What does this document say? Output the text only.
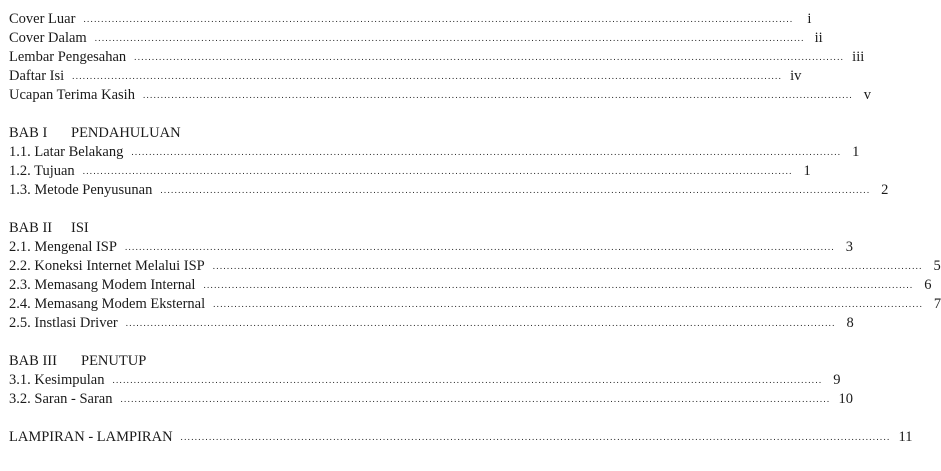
Cover Luar ........................................................................................................................................................................................................ i
Cover Dalam ........................................................................................................................................................................................................ ii
Lembar Pengesahan ........................................................................................................................................................................................................ iii
Daftar Isi ........................................................................................................................................................................................................ iv
Ucapan Terima Kasih ........................................................................................................................................................................................................ v
BAB I PENDAHULUAN
1.1. Latar Belakang ........................................................................................................................................................................................................ 1
1.2. Tujuan ........................................................................................................................................................................................................ 1
1.3. Metode Penyusunan ........................................................................................................................................................................................................ 2
BAB II ISI
2.1. Mengenal ISP ........................................................................................................................................................................................................ 3
2.2. Koneksi Internet Melalui ISP ........................................................................................................................................................................................................ 5
2.3. Memasang Modem Internal ........................................................................................................................................................................................................ 6
2.4. Memasang Modem Eksternal ........................................................................................................................................................................................................ 7
2.5. Instlasi Driver ........................................................................................................................................................................................................ 8
BAB III PENUTUP
3.1. Kesimpulan ........................................................................................................................................................................................................ 9
3.2. Saran - Saran ........................................................................................................................................................................................................ 10
LAMPIRAN - LAMPIRAN ........................................................................................................................................................................................................ 11
